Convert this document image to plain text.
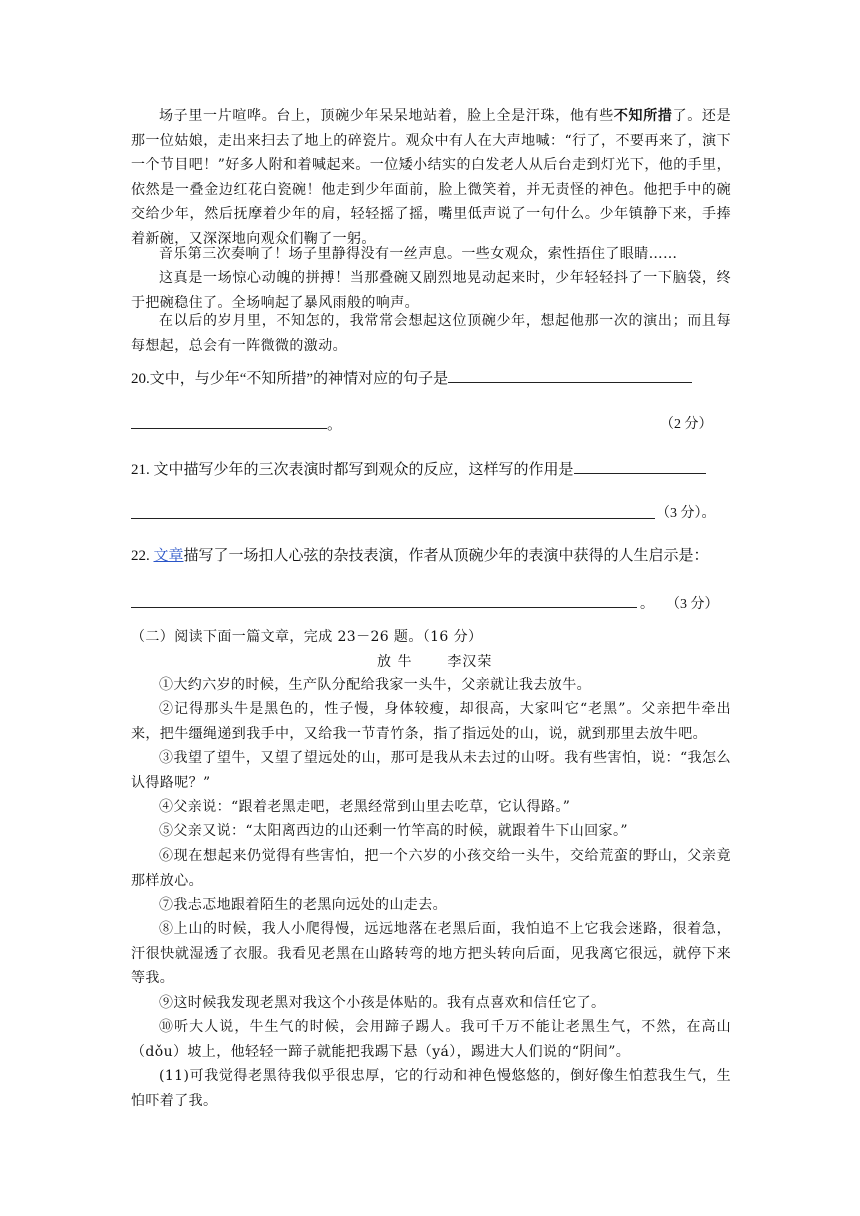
场子里一片喧哗。台上，顶碗少年呆呆地站着，脸上全是汗珠，他有些不知所措了。还是那一位姑娘，走出来扫去了地上的碎瓷片。观众中有人在大声地喊：“行了，不要再来了，演下一个节目吧！”好多人附和着喊起来。一位矮小结实的白发老人从后台走到灯光下，他的手里，依然是一叠金边红花白瓷碗！他走到少年面前，脸上微笑着，并无责怪的神色。他把手中的碗交给少年，然后抚摩着少年的肩，轻轻摇了摇，嘴里低声说了一句什么。少年镇静下来，手捧着新碗，又深深地向观众们鞠了一躬。

音乐第三次奏响了！场子里静得没有一丝声息。一些女观众，索性捂住了眼睛……

这真是一场惊心动魄的拼搏！当那叠碗又剧烈地晃动起来时，少年轻轻抖了一下脑袋，终于把碗稳住了。全场响起了暴风雨般的响声。

在以后的岁月里，不知怎的，我常常会想起这位顶碗少年，想起他那一次的演出；而且每每想起，总会有一阵微微的激动。

20.文中，与少年“不知所措”的神情对应的句子是

。	（2 分）

21. 文中描写少年的三次表演时都写到观众的反应，这样写的作用是

（3 分）。

22. 文章描写了一场扣人心弦的杂技表演，作者从顶碗少年的表演中获得的人生启示是：

。 （3 分）

（二）阅读下面一篇文章，完成 23－26 题。（16 分）

放 牛 李汉荣

①大约六岁的时候，生产队分配给我家一头牛，父亲就让我去放牛。

②记得那头牛是黑色的，性子慢，身体较瘦，却很高，大家叫它“老黑”。父亲把牛牵出来，把牛缰绳递到我手中，又给我一节青竹条，指了指远处的山，说，就到那里去放牛吧。

③我望了望牛，又望了望远处的山，那可是我从未去过的山呀。我有些害怕，说：“我怎么认得路呢？”

④父亲说：“跟着老黑走吧，老黑经常到山里去吃草，它认得路。”

⑤父亲又说：“太阳离西边的山还剩一竹竿高的时候，就跟着牛下山回家。”

⑥现在想起来仍觉得有些害怕，把一个六岁的小孩交给一头牛，交给荒蛮的野山，父亲竟那样放心。

⑦我忐忑地跟着陌生的老黑向远处的山走去。

⑧上山的时候，我人小爬得慢，远远地落在老黑后面，我怕追不上它我会迷路，很着急，汗很快就湿透了衣服。我看见老黑在山路转弯的地方把头转向后面，见我离它很远，就停下来等我。

⑨这时候我发现老黑对我这个小孩是体贴的。我有点喜欢和信任它了。

⑩听大人说，牛生气的时候，会用蹄子踢人。我可千万不能让老黑生气，不然，在高山（dǒu）坡上，他轻轻一蹄子就能把我踢下悬（yá），踢进大人们说的“阴间”。

(11)可我觉得老黑待我似乎很忠厚，它的行动和神色慢悠悠的，倒好像生怕惹我生气，生怕吓着了我。
